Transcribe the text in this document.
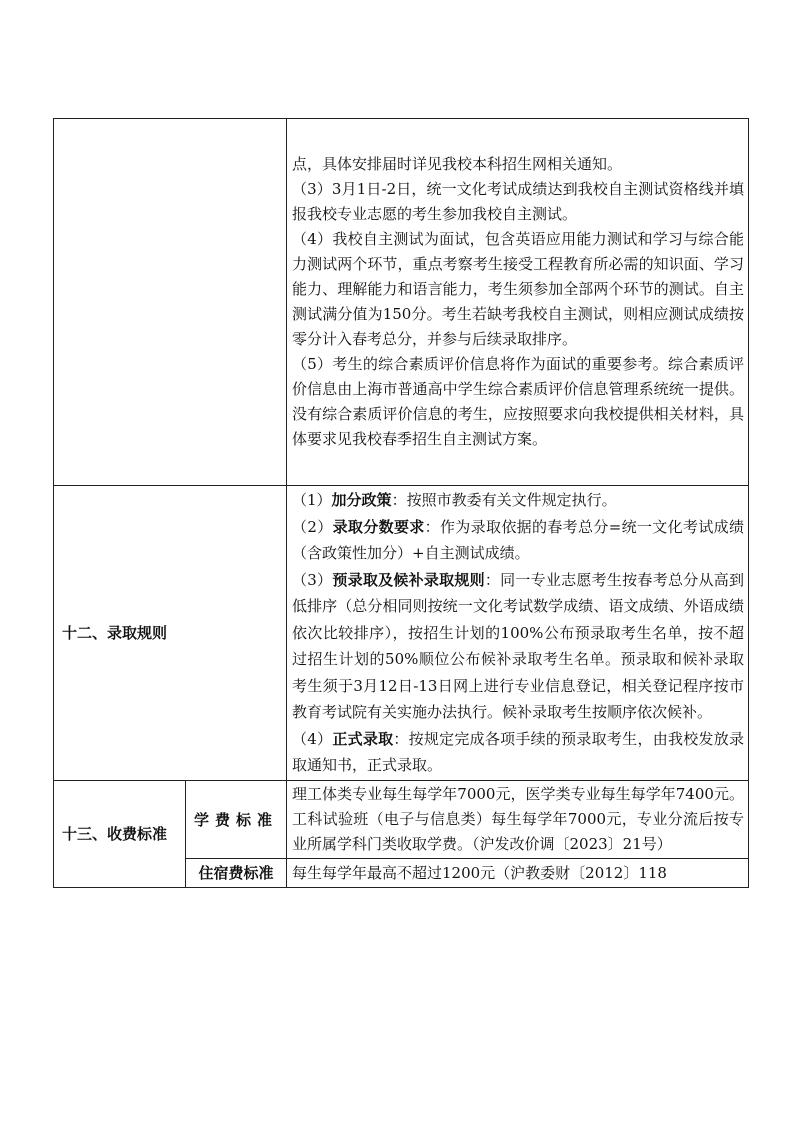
		点，具体安排届时详见我校本科招生网相关通知。

（3）3月1日-2日，统一文化考试成绩达到我校自主测试资格线并填报我校专业志愿的考生参加我校自主测试。

（4）我校自主测试为面试，包含英语应用能力测试和学习与综合能力测试两个环节，重点考察考生接受工程教育所必需的知识面、学习能力、理解能力和语言能力，考生须参加全部两个环节的测试。自主测试满分值为150分。考生若缺考我校自主测试，则相应测试成绩按零分计入春考总分，并参与后续录取排序。

（5）考生的综合素质评价信息将作为面试的重要参考。综合素质评价信息由上海市普通高中学生综合素质评价信息管理系统统一提供。没有综合素质评价信息的考生，应按照要求向我校提供相关材料，具体要求见我校春季招生自主测试方案。

十二、录取规则		（1）加分政策：按照市教委有关文件规定执行。

（2）录取分数要求：作为录取依据的春考总分=统一文化考试成绩（含政策性加分）+自主测试成绩。

（3）预录取及候补录取规则：同一专业志愿考生按春考总分从高到低排序（总分相同则按统一文化考试数学成绩、语文成绩、外语成绩依次比较排序），按招生计划的100%公布预录取考生名单，按不超过招生计划的50%顺位公布候补录取考生名单。预录取和候补录取考生须于3月12日-13日网上进行专业信息登记，相关登记程序按市教育考试院有关实施办法执行。候补录取考生按顺序依次候补。

（4）正式录取：按规定完成各项手续的预录取考生，由我校发放录取通知书，正式录取。

十三、收费标准	学费标准	理工体类专业每生每学年7000元，医学类专业每生每学年7400元。工科试验班（电子与信息类）每生每学年7000元，专业分流后按专业所属学科门类收取学费。（沪发改价调〔2023〕21号）
	住宿费标准	每生每学年最高不超过1200元（沪教委财〔2012〕118
